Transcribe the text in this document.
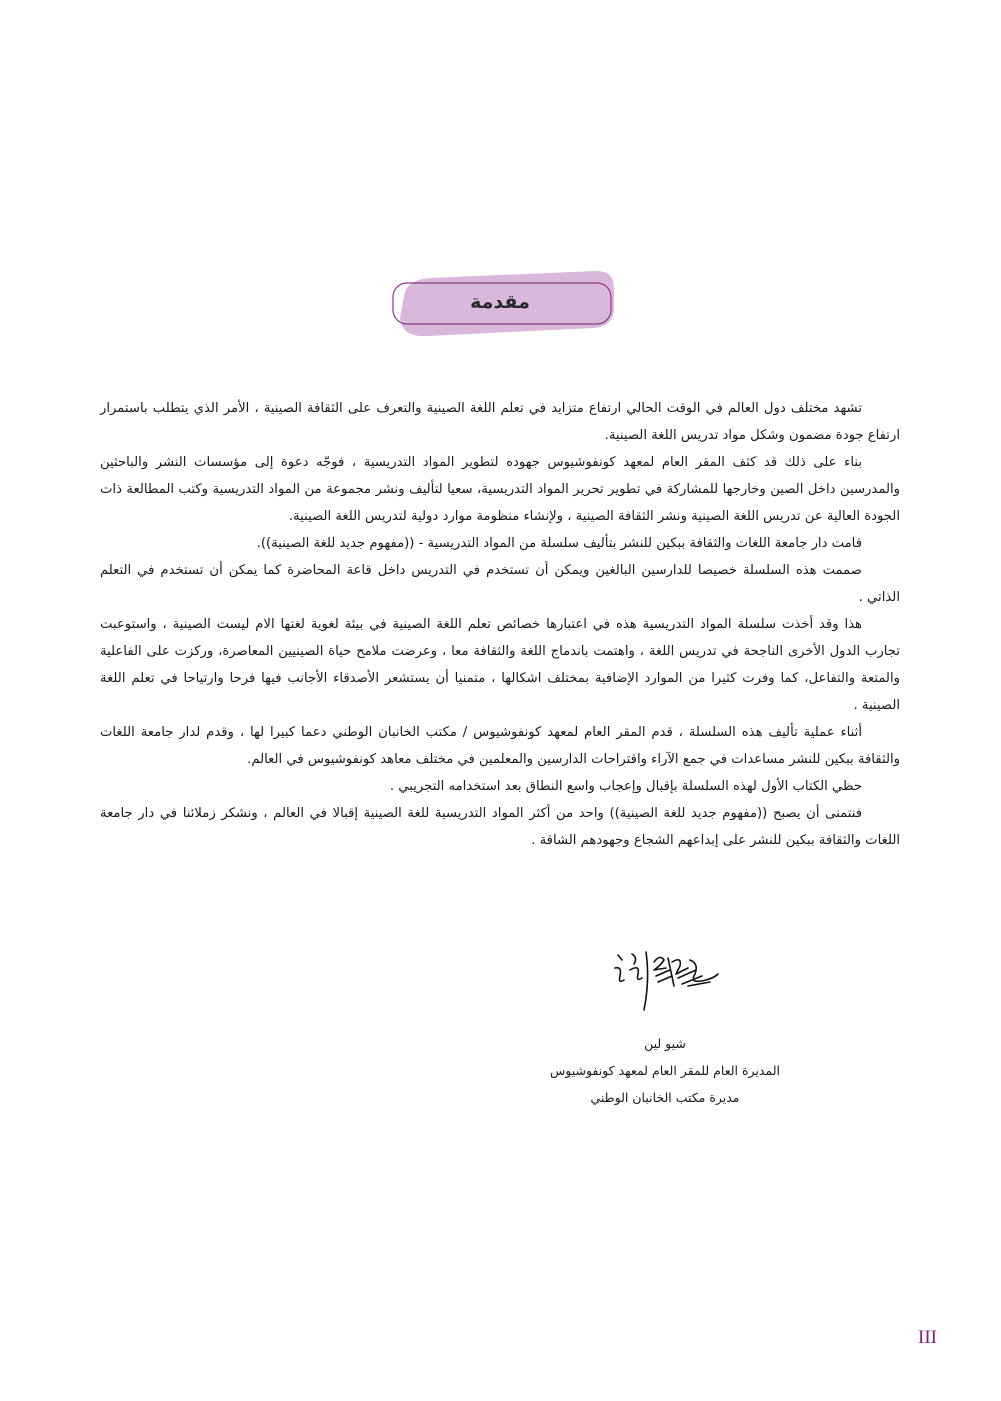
مقدمة

تشهد مختلف دول العالم في الوقت الحالي ارتفاع متزايد في تعلم اللغة الصينية والتعرف على الثقافة الصينية ، الأمر الذي يتطلب باستمرار ارتفاع جودة مضمون وشكل مواد تدريس اللغة الصينية.

بناء على ذلك قد كثف المقر العام لمعهد كونفوشيوس جهوده لتطوير المواد التدريسية ، فوجّه دعوة إلى مؤسسات النشر والباحثين والمدرسين داخل الصين وخارجها للمشاركة في تطوير تحرير المواد التدريسية، سعيا لتأليف ونشر مجموعة من المواد التدريسية وكتب المطالعة ذات الجودة العالية عن تدريس اللغة الصينية ونشر الثقافة الصينية ، ولإنشاء منظومة موارد دولية لتدريس اللغة الصينية.

قامت دار جامعة اللغات والثقافة ببكين للنشر بتأليف سلسلة من المواد التدريسية - ((مفهوم جديد للغة الصينية)).

صممت هذه السلسلة خصيصا للدارسين البالغين ويمكن أن تستخدم في التدريس داخل قاعة المحاضرة كما يمكن أن تستخدم في التعلم الذاتي .

هذا وقد أخذت سلسلة المواد التدريسية هذه في اعتبارها خصائص تعلم اللغة الصينية في بيئة لغوية لغتها الام ليست الصينية ، واستوعبت تجارب الدول الأخرى الناجحة في تدريس اللغة ، واهتمت باندماج اللغة والثقافة معا ، وعرضت ملامح حياة الصينيين المعاصرة، وركزت على الفاعلية والمتعة والتفاعل، كما وفرت كثيرا من الموارد الإضافية بمختلف اشكالها ، متمنيا أن يستشعر الأصدقاء الأجانب فيها فرحا وارتياحا في تعلم اللغة الصينية .

أثناء عملية تأليف هذه السلسلة ، قدم المقر العام لمعهد كونفوشيوس / مكتب الخانبان الوطني دعما كبيرا لها ، وقدم لدار جامعة اللغات والثقافة ببكين للنشر مساعدات في جمع الآراء واقتراحات الدارسين والمعلمين في مختلف معاهد كونفوشيوس في العالم.

حظي الكتاب الأول لهذه السلسلة بإقبال وإعجاب واسع النطاق بعد استخدامه التجريبي .

فنتمنى أن يصبح ((مفهوم جديد للغة الصينية)) واحد من أكثر المواد التدريسية للغة الصينية إقبالا في العالم ، ونشكر زملائنا في دار جامعة اللغات والثقافة ببكين للنشر على إبداعهم الشجاع وجهودهم الشاقة .

شيو لين
المديرة العام للمقر العام لمعهد كونفوشيوس
مديرة مكتب الخانبان الوطني
III
